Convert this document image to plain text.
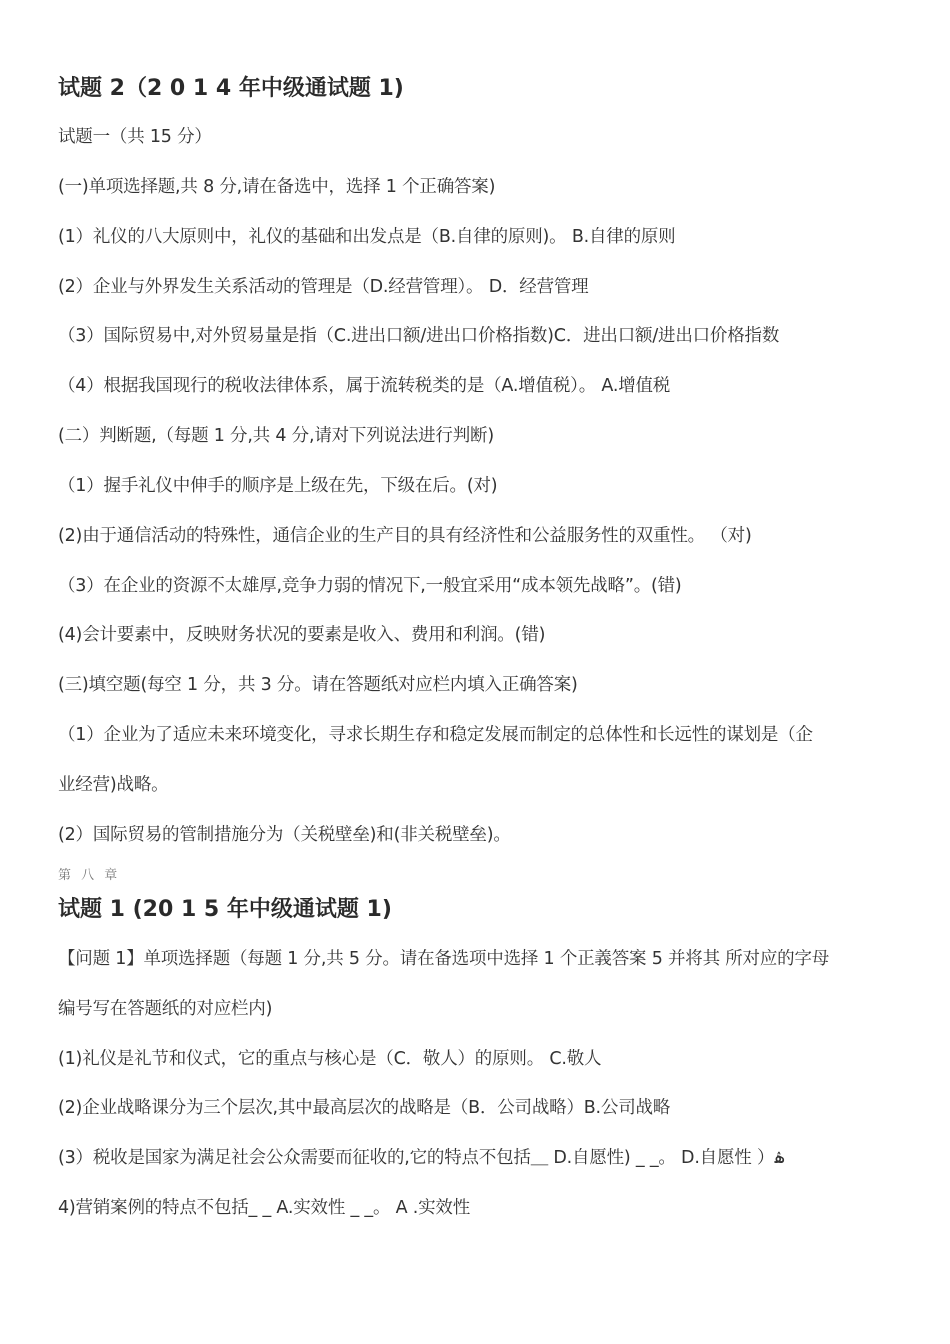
试题 2（2 0 1 4 年中级通试题 1)
试题一（共 15 分）
(一)单项选择题,共 8 分,请在备选中，选择 1 个正确答案)
(1）礼仪的八大原则中，礼仪的基础和出发点是（B.自律的原则)。 B.自律的原则
(2）企业与外界发生关系活动的管理是（D.经营管理）。 D．经营管理
（3）国际贸易中,对外贸易量是指（C.进出口额/进出口价格指数)C．进出口额/进出口价格指数
（4）根据我国现行的税收法律体系，属于流转税类的是（A.增值税）。 A.增值税
(二）判断题,（每题 1 分,共 4 分,请对下列说法进行判断)
（1）握手礼仪中伸手的顺序是上级在先，下级在后。(对)
(2)由于通信活动的特殊性，通信企业的生产目的具有经济性和公益服务性的双重性。 （对)
（3）在企业的资源不太雄厚,竞争力弱的情况下,一般宜采用“成本领先战略”。(错)
(4)会计要素中，反映财务状况的要素是收入、费用和利润。(错)
(三)填空题(每空 1 分，共 3 分。请在答题纸对应栏内填入正确答案)
（1）企业为了适应未来环境变化，寻求长期生存和稳定发展而制定的总体性和长远性的谋划是（企
业经营)战略。
(2）国际贸易的管制措施分为（关税壁垒)和(非关税壁垒)。
第 八 章
试题 1 (20 1 5 年中级通试题 1)
【问题 1】单项选择题（每题 1 分,共 5 分。请在备选项中选择 1 个正義答案 5 并将其 所对应的字母
编号写在答题纸的对应栏内)
(1)礼仪是礼节和仪式，它的重点与核心是（C．敬人）的原则。 C.敬人
(2)企业战略课分为三个层次,其中最高层次的战略是（B．公司战略）B.公司战略
(3）税收是国家为满足社会公众需要而征收的,它的特点不包括＿ D.自愿性) _ _。 D.自愿性 ）ۿ
4)营销案例的特点不包括_ _ A.实效性 _ _。 A .实效性
